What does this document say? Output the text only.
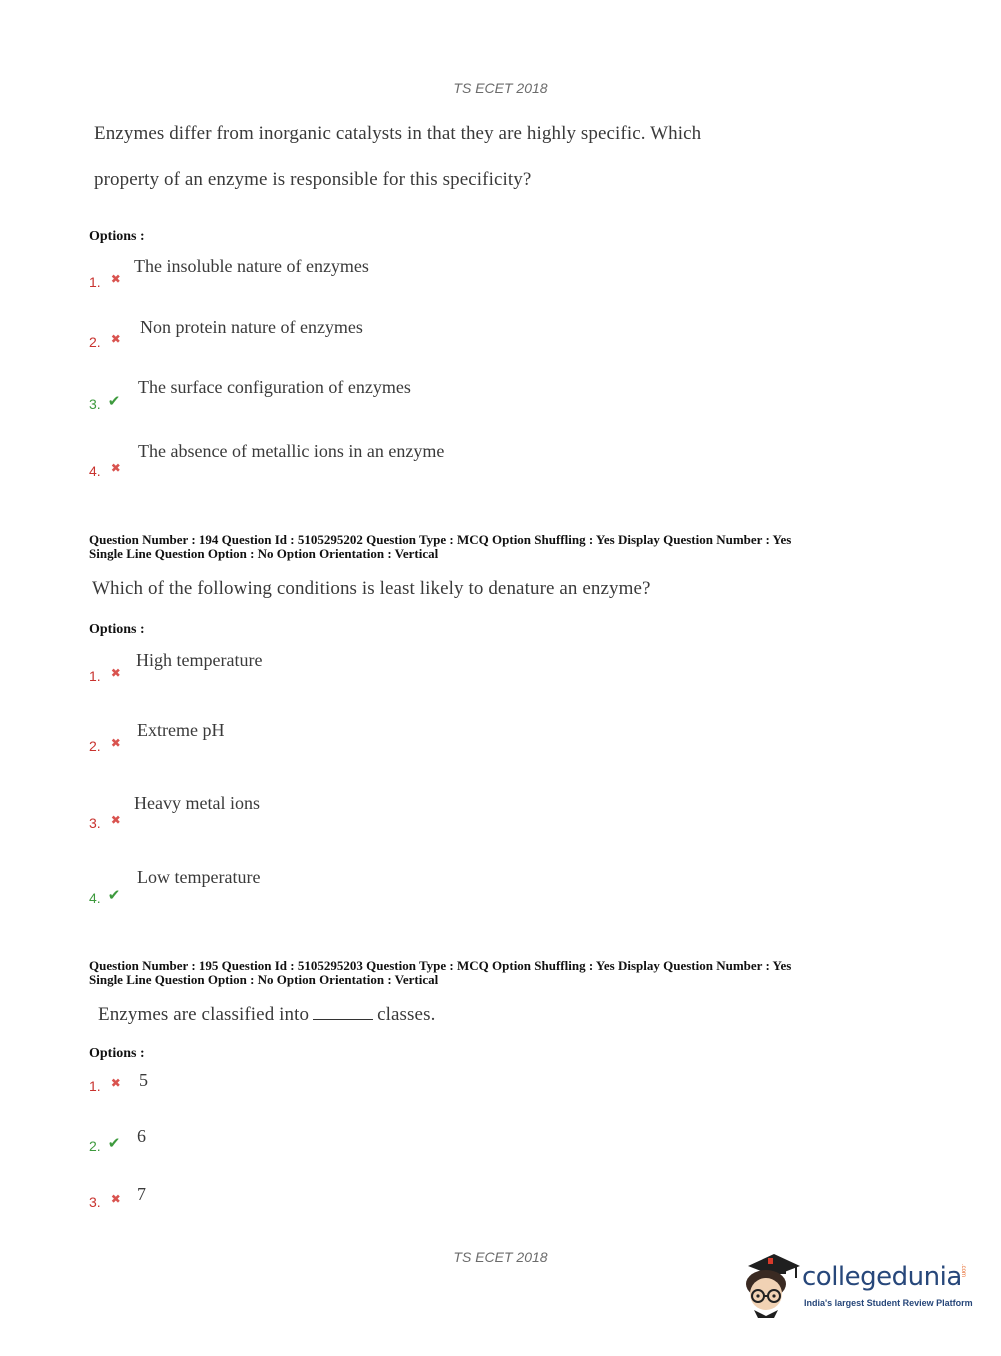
TS ECET 2018
Enzymes differ from inorganic catalysts in that they are highly specific. Which
property of an enzyme is responsible for this specificity?
Options :
1. ✖
The insoluble nature of enzymes
2. ✖
Non protein nature of enzymes
3. ✔
The surface configuration of enzymes
4. ✖
The absence of metallic ions in an enzyme
Question Number : 194 Question Id : 5105295202 Question Type : MCQ Option Shuffling : Yes Display Question Number : Yes
Single Line Question Option : No Option Orientation : Vertical
Which of the following conditions is least likely to denature an enzyme?
Options :
1. ✖
High temperature
2. ✖
Extreme pH
3. ✖
Heavy metal ions
4. ✔
Low temperature
Question Number : 195 Question Id : 5105295203 Question Type : MCQ Option Shuffling : Yes Display Question Number : Yes
Single Line Question Option : No Option Orientation : Vertical
Enzymes are classified into	classes.
Options :
1. ✖ 5
2. ✔ 6
3. ✖ 7
TS ECET 2018
collegedunia
.com
India's largest Student Review Platform
